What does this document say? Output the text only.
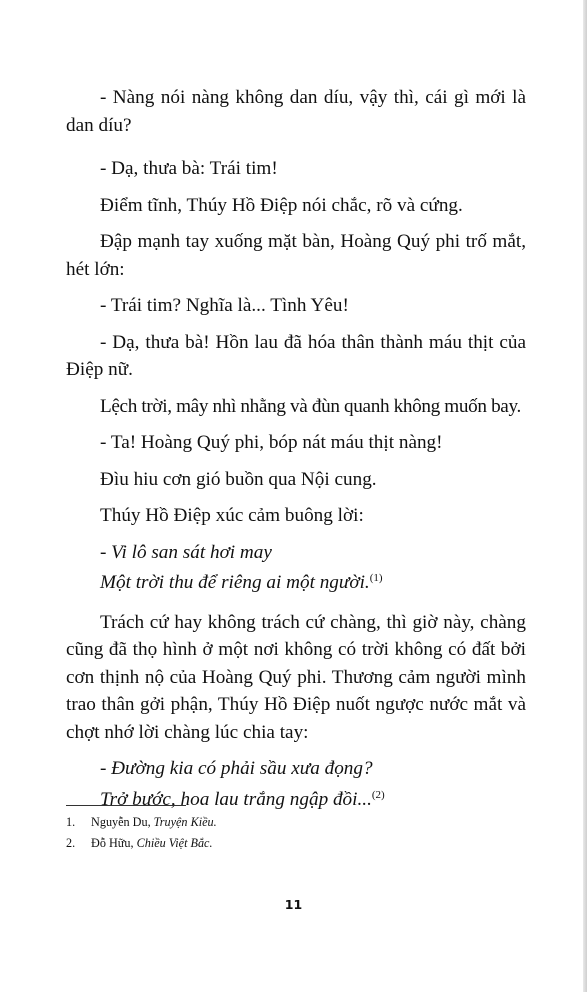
- Nàng nói nàng không dan díu, vậy thì, cái gì mới là dan díu?

- Dạ, thưa bà: Trái tim!

Điểm tĩnh, Thúy Hồ Điệp nói chắc, rõ và cứng.

Đập mạnh tay xuống mặt bàn, Hoàng Quý phi trố mắt, hét lớn:

- Trái tim? Nghĩa là... Tình Yêu!

- Dạ, thưa bà! Hồn lau đã hóa thân thành máu thịt của Điệp nữ.

Lệch trời, mây nhì nhằng và đùn quanh không muốn bay.

- Ta! Hoàng Quý phi, bóp nát máu thịt nàng!

Đìu hiu cơn gió buồn qua Nội cung.

Thúy Hồ Điệp xúc cảm buông lời:

- Vi lô san sát hơi may

Một trời thu để riêng ai một người.$^{(1)}$

Trách cứ hay không trách cứ chàng, thì giờ này, chàng cũng đã thọ hình ở một nơi không có trời không có đất bởi cơn thịnh nộ của Hoàng Quý phi. Thương cảm người mình trao thân gởi phận, Thúy Hồ Điệp nuốt ngược nước mắt và chợt nhớ lời chàng lúc chia tay:

- Đường kia có phải sầu xưa đọng?

Trở bước, hoa lau trắng ngập đồi...$^{(2)}$

1. Nguyễn Du, Truyện Kiều.
2. Đỗ Hữu, Chiều Việt Bắc.
11
